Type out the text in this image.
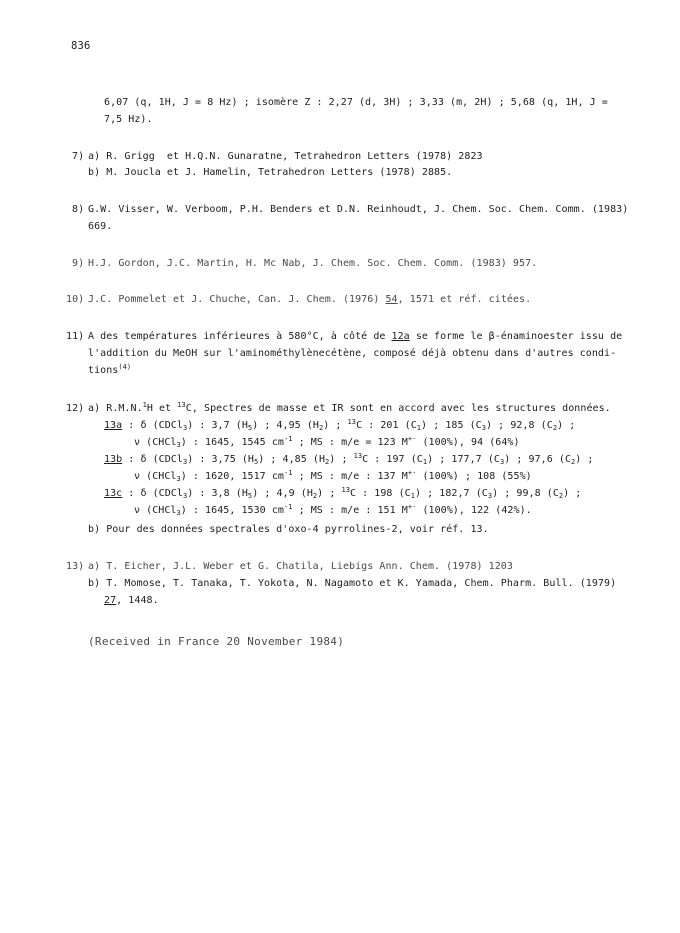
836
6,07 (q, 1H, J = 8 Hz) ; isomère Z : 2,27 (d, 3H) ; 3,33 (m, 2H) ; 5,68 (q, 1H, J =
7,5 Hz).
7) a) R. Grigg  et H.Q.N. Gunaratne, Tetrahedron Letters (1978) 2823
b) M. Joucla et J. Hamelin, Tetrahedron Letters (1978) 2885.
8) G.W. Visser, W. Verboom, P.H. Benders et D.N. Reinhoudt, J. Chem. Soc. Chem. Comm. (1983)
669.
9) H.J. Gordon, J.C. Martin, H. Mc Nab, J. Chem. Soc. Chem. Comm. (1983) 957.
10) J.C. Pommelet et J. Chuche, Can. J. Chem. (1976) 54, 1571 et réf. citées.
11) A des températures inférieures à 580°C, à côté de 12a se forme le β-énaminoester issu de
l'addition du MeOH sur l'aminométhylènecétène, composé déjà obtenu dans d'autres condi-
tions$^{(4)}$
12) a) R.M.N.$^1$H et $^{13}$C, Spectres de masse et IR sont en accord avec les structures données.
13a : δ (CDCl$_3$) : 3,7 $(H_5)$ ; 4,95 $(H_2)$ ; $^{13}$C : 201 $(C_1)$ ; 185 $(C_3)$ ; 92,8 $(C_2)$ ;
ν (CHCl$_3$) : 1645, 1545 $cm^{-1}$ ; MS : m/e = 123 M+· (100%), 94 (64%)
13b : δ (CDCl$_3$) : 3,75 $(H_5)$ ; 4,85 $(H_2)$ ; $^{13}$C : 197 $(C_1)$ ; 177,7 $(C_3)$ ; 97,6 $(C_2)$ ;
ν (CHCl$_3$) : 1620, 1517 $cm^{-1}$ ; MS : m/e : 137 M+· (100%) ; 108 (55%)
13c : δ (CDCl$_3$) : 3,8 $(H_5)$ ; 4,9 $(H_2)$ ; $^{13}$C : 198 $(C_1)$ ; 182,7 $(C_3)$ ; 99,8 $(C_2)$ ;
ν (CHCl$_3$) : 1645, 1530 $cm^{-1}$ ; MS : m/e : 151 M+· (100%), 122 (42%).
b) Pour des données spectrales d'oxo-4 pyrrolines-2, voir réf. 13.
13) a) T. Eicher, J.L. Weber et G. Chatila, Liebigs Ann. Chem. (1978) 1203
b) T. Momose, T. Tanaka, T. Yokota, N. Nagamoto et K. Yamada, Chem. Pharm. Bull. (1979)
27, 1448.
(Received in France 20 November 1984)
